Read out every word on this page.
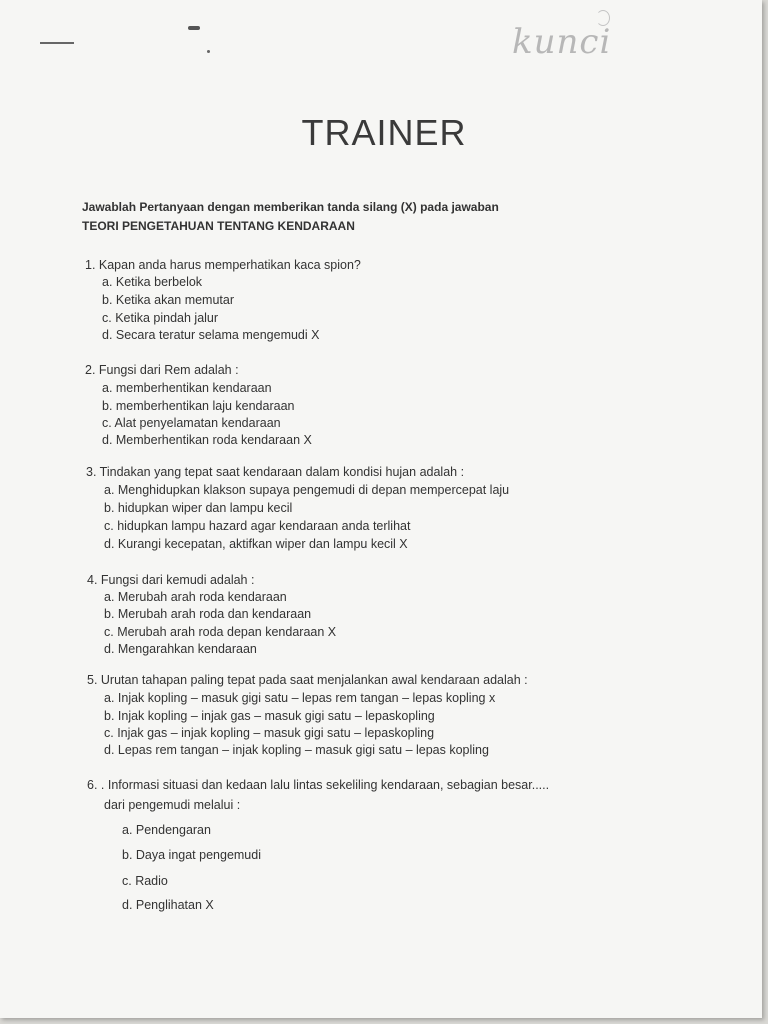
kunci
TRAINER
Jawablah Pertanyaan dengan memberikan tanda silang (X) pada jawaban
TEORI PENGETAHUAN TENTANG KENDARAAN
1. Kapan anda harus memperhatikan kaca spion?
a. Ketika berbelok
b. Ketika akan memutar
c. Ketika pindah jalur
d. Secara teratur selama mengemudi X
2. Fungsi dari Rem adalah :
a. memberhentikan kendaraan
b. memberhentikan laju kendaraan
c. Alat penyelamatan kendaraan
d. Memberhentikan roda kendaraan X
3. Tindakan yang tepat saat kendaraan dalam kondisi hujan adalah :
a. Menghidupkan klakson supaya pengemudi di depan mempercepat laju
b. hidupkan wiper dan lampu kecil
c. hidupkan lampu hazard agar kendaraan anda terlihat
d. Kurangi kecepatan, aktifkan wiper dan lampu kecil X
4. Fungsi dari kemudi adalah :
a. Merubah arah roda kendaraan
b. Merubah arah roda dan kendaraan
c. Merubah arah roda depan kendaraan X
d. Mengarahkan kendaraan
5. Urutan tahapan paling tepat pada saat menjalankan awal kendaraan adalah :
a. Injak kopling – masuk gigi satu – lepas rem tangan – lepas kopling x
b. Injak kopling – injak gas – masuk gigi satu – lepaskopling
c. Injak gas – injak kopling – masuk gigi satu – lepaskopling
d. Lepas rem tangan – injak kopling – masuk gigi satu – lepas kopling
6. . Informasi situasi dan kedaan lalu lintas sekeliling kendaraan, sebagian besar.....
dari pengemudi melalui :
a. Pendengaran
b. Daya ingat pengemudi
c. Radio
d. Penglihatan X
